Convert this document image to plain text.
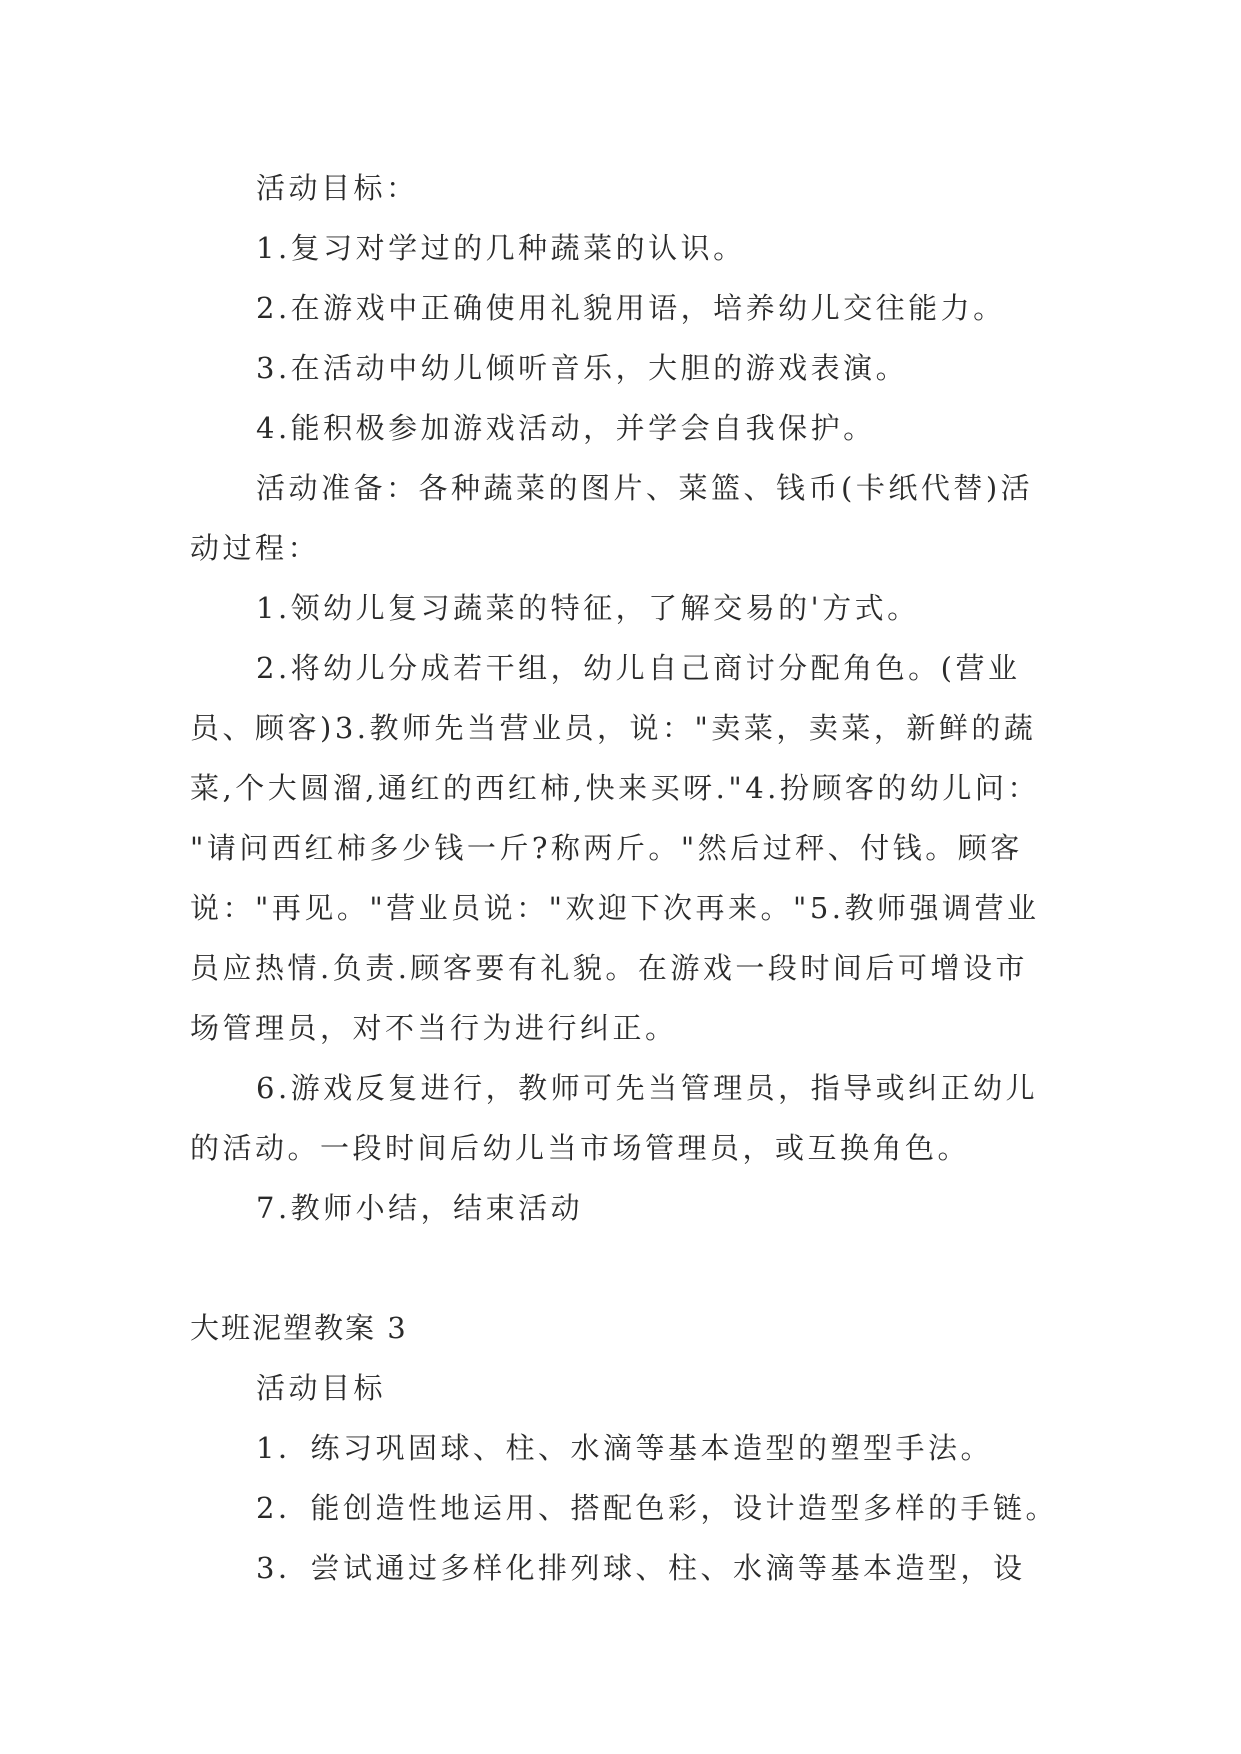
活动目标：
1.复习对学过的几种蔬菜的认识。
2.在游戏中正确使用礼貌用语，培养幼儿交往能力。
3.在活动中幼儿倾听音乐，大胆的游戏表演。
4.能积极参加游戏活动，并学会自我保护。
活动准备：各种蔬菜的图片、菜篮、钱币(卡纸代替)活
动过程：
1.领幼儿复习蔬菜的特征，了解交易的'方式。
2.将幼儿分成若干组，幼儿自己商讨分配角色。(营业
员、顾客)3.教师先当营业员，说："卖菜，卖菜，新鲜的蔬
菜,个大圆溜,通红的西红柿,快来买呀."4.扮顾客的幼儿问：
"请问西红柿多少钱一斤?称两斤。"然后过秤、付钱。顾客
说："再见。"营业员说："欢迎下次再来。"5.教师强调营业
员应热情.负责.顾客要有礼貌。在游戏一段时间后可增设市
场管理员，对不当行为进行纠正。
6.游戏反复进行，教师可先当管理员，指导或纠正幼儿
的活动。一段时间后幼儿当市场管理员，或互换角色。
7.教师小结，结束活动
大班泥塑教案 3
活动目标
1．练习巩固球、柱、水滴等基本造型的塑型手法。
2．能创造性地运用、搭配色彩，设计造型多样的手链。
3．尝试通过多样化排列球、柱、水滴等基本造型，设
